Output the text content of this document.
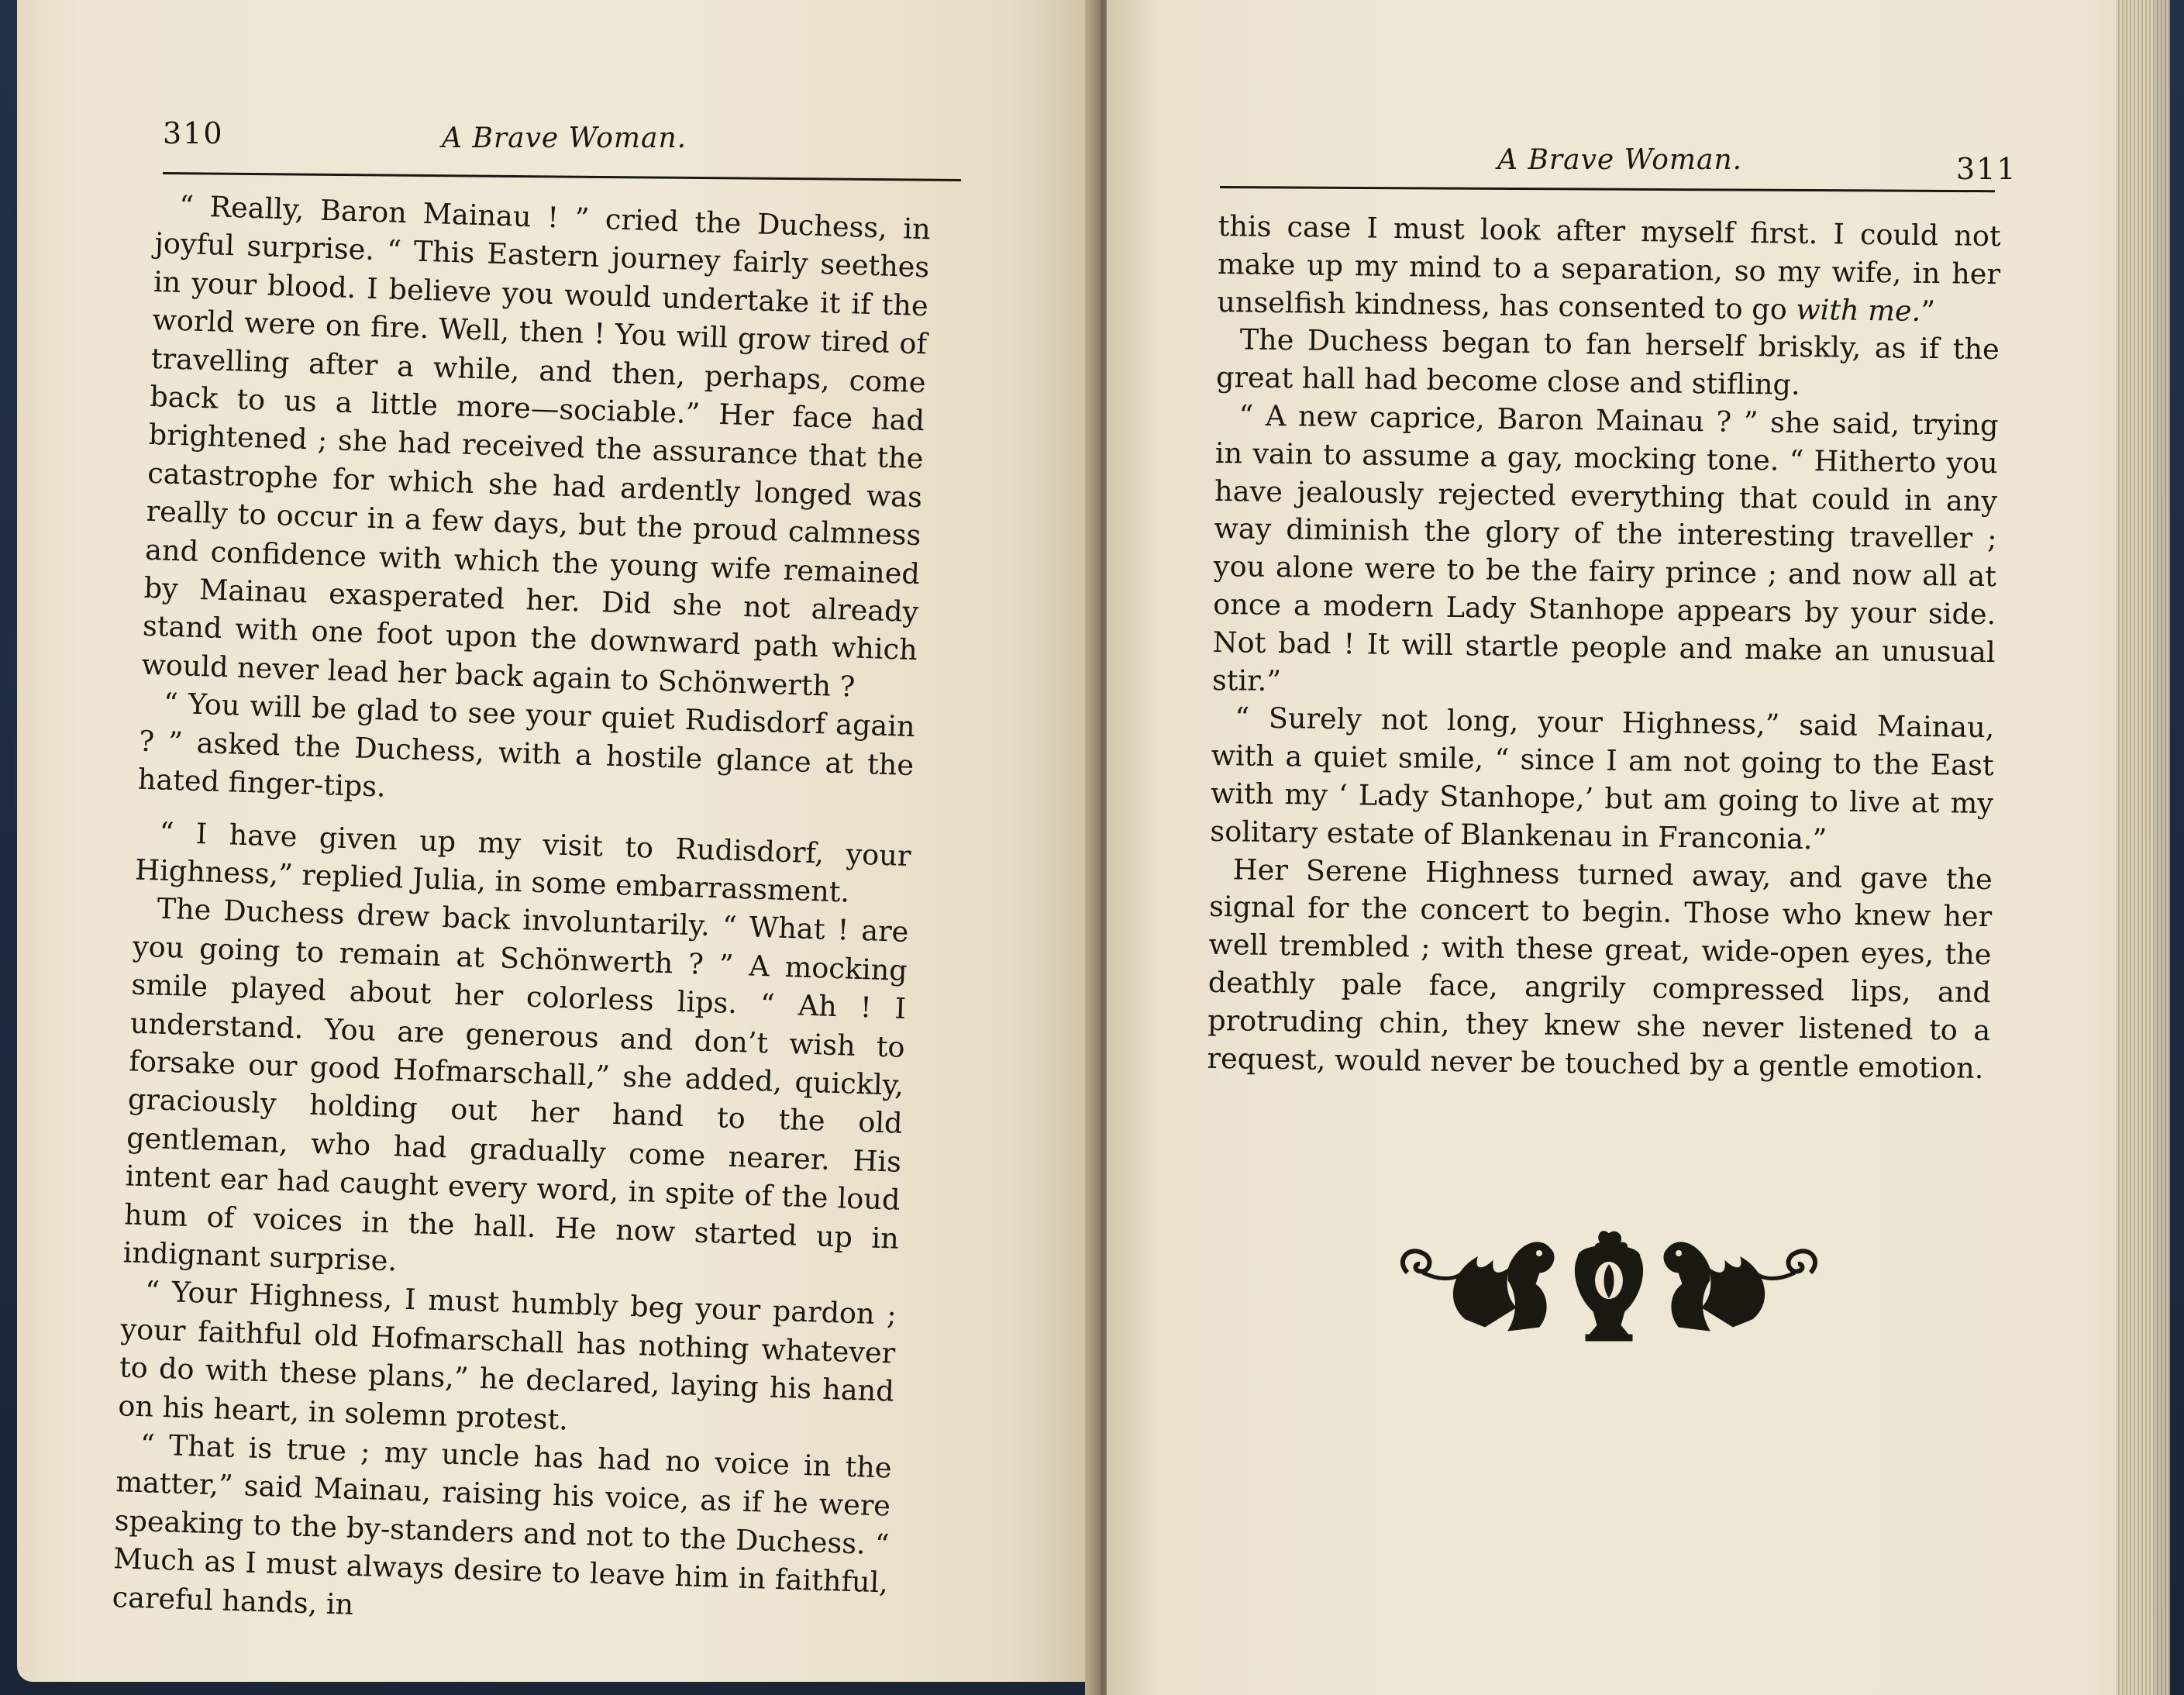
310	A Brave Woman.

“ Really, Baron Mainau ! ” cried the Duchess, in joyful surprise. “ This Eastern journey fairly seethes in your blood. I believe you would undertake it if the world were on fire. Well, then ! You will grow tired of travelling after a while, and then, perhaps, come back to us a little more—sociable.” Her face had brightened ; she had received the assurance that the catastrophe for which she had ardently longed was really to occur in a few days, but the proud calmness and confidence with which the young wife remained by Mainau exasperated her. Did she not already stand with one foot upon the downward path which would never lead her back again to Schönwerth ?

“ You will be glad to see your quiet Rudisdorf again ? ” asked the Duchess, with a hostile glance at the hated finger-tips.

“ I have given up my visit to Rudisdorf, your Highness,” replied Julia, in some embarrassment.

The Duchess drew back involuntarily. “ What ! are you going to remain at Schönwerth ? ” A mocking smile played about her colorless lips. “ Ah ! I understand. You are generous and don’t wish to forsake our good Hofmarschall,” she added, quickly, graciously holding out her hand to the old gentleman, who had gradually come nearer. His intent ear had caught every word, in spite of the loud hum of voices in the hall. He now started up in indignant surprise.

“ Your Highness, I must humbly beg your pardon ; your faithful old Hofmarschall has nothing whatever to do with these plans,” he declared, laying his hand on his heart, in solemn protest.

“ That is true ; my uncle has had no voice in the matter,” said Mainau, raising his voice, as if he were speaking to the by-standers and not to the Duchess. “ Much as I must always desire to leave him in faithful, careful hands, in

A Brave Woman.	311

this case I must look after myself first. I could not make up my mind to a separation, so my wife, in her unselfish kindness, has consented to go with me.”

The Duchess began to fan herself briskly, as if the great hall had become close and stifling.

“ A new caprice, Baron Mainau ? ” she said, trying in vain to assume a gay, mocking tone. “ Hitherto you have jealously rejected everything that could in any way diminish the glory of the interesting traveller ; you alone were to be the fairy prince ; and now all at once a modern Lady Stanhope appears by your side. Not bad ! It will startle people and make an unusual stir.”

“ Surely not long, your Highness,” said Mainau, with a quiet smile, “ since I am not going to the East with my ‘ Lady Stanhope,’ but am going to live at my solitary estate of Blankenau in Franconia.”

Her Serene Highness turned away, and gave the signal for the concert to begin. Those who knew her well trembled ; with these great, wide-open eyes, the deathly pale face, angrily compressed lips, and protruding chin, they knew she never listened to a request, would never be touched by a gentle emotion.
